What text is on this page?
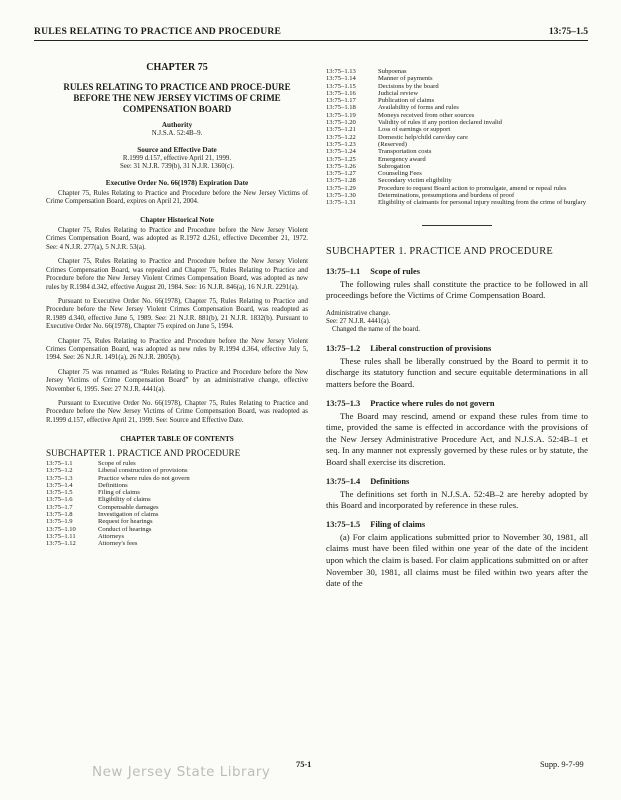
RULES RELATING TO PRACTICE AND PROCEDURE	13:75–1.5
CHAPTER 75
RULES RELATING TO PRACTICE AND PROCE-DURE BEFORE THE NEW JERSEY VICTIMS OF CRIME COMPENSATION BOARD
Authority
N.J.S.A. 52:4B–9.
Source and Effective Date
R.1999 d.157, effective April 21, 1999.
See: 31 N.J.R. 739(b), 31 N.J.R. 1360(c).
Executive Order No. 66(1978) Expiration Date

Chapter 75, Rules Relating to Practice and Procedure before the New Jersey Victims of Crime Compensation Board, expires on April 21, 2004.

Chapter Historical Note

Chapter 75, Rules Relating to Practice and Procedure before the New Jersey Violent Crimes Compensation Board, was adopted as R.1972 d.261, effective December 21, 1972. See: 4 N.J.R. 277(a), 5 N.J.R. 53(a).

Chapter 75, Rules Relating to Practice and Procedure before the New Jersey Violent Crimes Compensation Board, was repealed and Chapter 75, Rules Relating to Practice and Procedure before the New Jersey Violent Crimes Compensation Board, was adopted as new rules by R.1984 d.342, effective August 20, 1984. See: 16 N.J.R. 846(a), 16 N.J.R. 2291(a).

Pursuant to Executive Order No. 66(1978), Chapter 75, Rules Relating to Practice and Procedure before the New Jersey Violent Crimes Compensation Board, was readopted as R.1989 d.340, effective June 5, 1989. See: 21 N.J.R. 881(b), 21 N.J.R. 1832(b). Pursuant to Executive Order No. 66(1978), Chapter 75 expired on June 5, 1994.

Chapter 75, Rules Relating to Practice and Procedure before the New Jersey Violent Crimes Compensation Board, was adopted as new rules by R.1994 d.364, effective July 5, 1994. See: 26 N.J.R. 1491(a), 26 N.J.R. 2805(b).

Chapter 75 was renamed as “Rules Relating to Practice and Procedure before the New Jersey Victims of Crime Compensation Board” by an administrative change, effective November 6, 1995. See: 27 N.J.R. 4441(a).

Pursuant to Executive Order No. 66(1978), Chapter 75, Rules Relating to Practice and Procedure before the New Jersey Victims of Crime Compensation Board, was readopted as R.1999 d.157, effective April 21, 1999. See: Source and Effective Date.

CHAPTER TABLE OF CONTENTS
SUBCHAPTER 1. PRACTICE AND PROCEDURE
13:75–1.1	Scope of rules
13:75–1.2	Liberal construction of provisions
13:75–1.3	Practice where rules do not govern
13:75–1.4	Definitions
13:75–1.5	Filing of claims
13:75–1.6	Eligibility of claims
13:75–1.7	Compensable damages
13:75–1.8	Investigation of claims
13:75–1.9	Request for hearings
13:75–1.10	Conduct of hearings
13:75–1.11	Attorneys
13:75–1.12	Attorney's fees
13:75–1.13	Subpoenas
13:75–1.14	Manner of payments
13:75–1.15	Decisions by the board
13:75–1.16	Judicial review
13:75–1.17	Publication of claims
13:75–1.18	Availability of forms and rules
13:75–1.19	Moneys received from other sources
13:75–1.20	Validity of rules if any portion declared invalid
13:75–1.21	Loss of earnings or support
13:75–1.22	Domestic help/child care/day care
13:75–1.23	(Reserved)
13:75–1.24	Transportation costs
13:75–1.25	Emergency award
13:75–1.26	Subrogation
13:75–1.27	Counseling Fees
13:75–1.28	Secondary victim eligibility
13:75–1.29	Procedure to request Board action to promulgate, amend or repeal rules
13:75–1.30	Determinations, presumptions and burdens of proof
13:75–1.31	Eligibility of claimants for personal injury resulting from the crime of burglary
SUBCHAPTER 1. PRACTICE AND PROCEDURE
13:75–1.1 Scope of rules

The following rules shall constitute the practice to be followed in all proceedings before the Victims of Crime Compensation Board.

Administrative change.
See: 27 N.J.R. 4441(a).
Changed the name of the board.
13:75–1.2 Liberal construction of provisions

These rules shall be liberally construed by the Board to permit it to discharge its statutory function and secure equitable determinations in all matters before the Board.

13:75–1.3 Practice where rules do not govern

The Board may rescind, amend or expand these rules from time to time, provided the same is effected in accordance with the provisions of the New Jersey Administrative Procedure Act, and N.J.S.A. 52:4B–1 et seq. In any manner not expressly governed by these rules or by statute, the Board shall exercise its discretion.

13:75–1.4 Definitions

The definitions set forth in N.J.S.A. 52:4B–2 are hereby adopted by this Board and incorporated by reference in these rules.

13:75–1.5 Filing of claims

(a) For claim applications submitted prior to November 30, 1981, all claims must have been filed within one year of the date of the incident upon which the claim is based. For claim applications submitted on or after November 30, 1981, all claims must be filed within two years after the date of the

New Jersey State Library	75-1	Supp. 9-7-99
